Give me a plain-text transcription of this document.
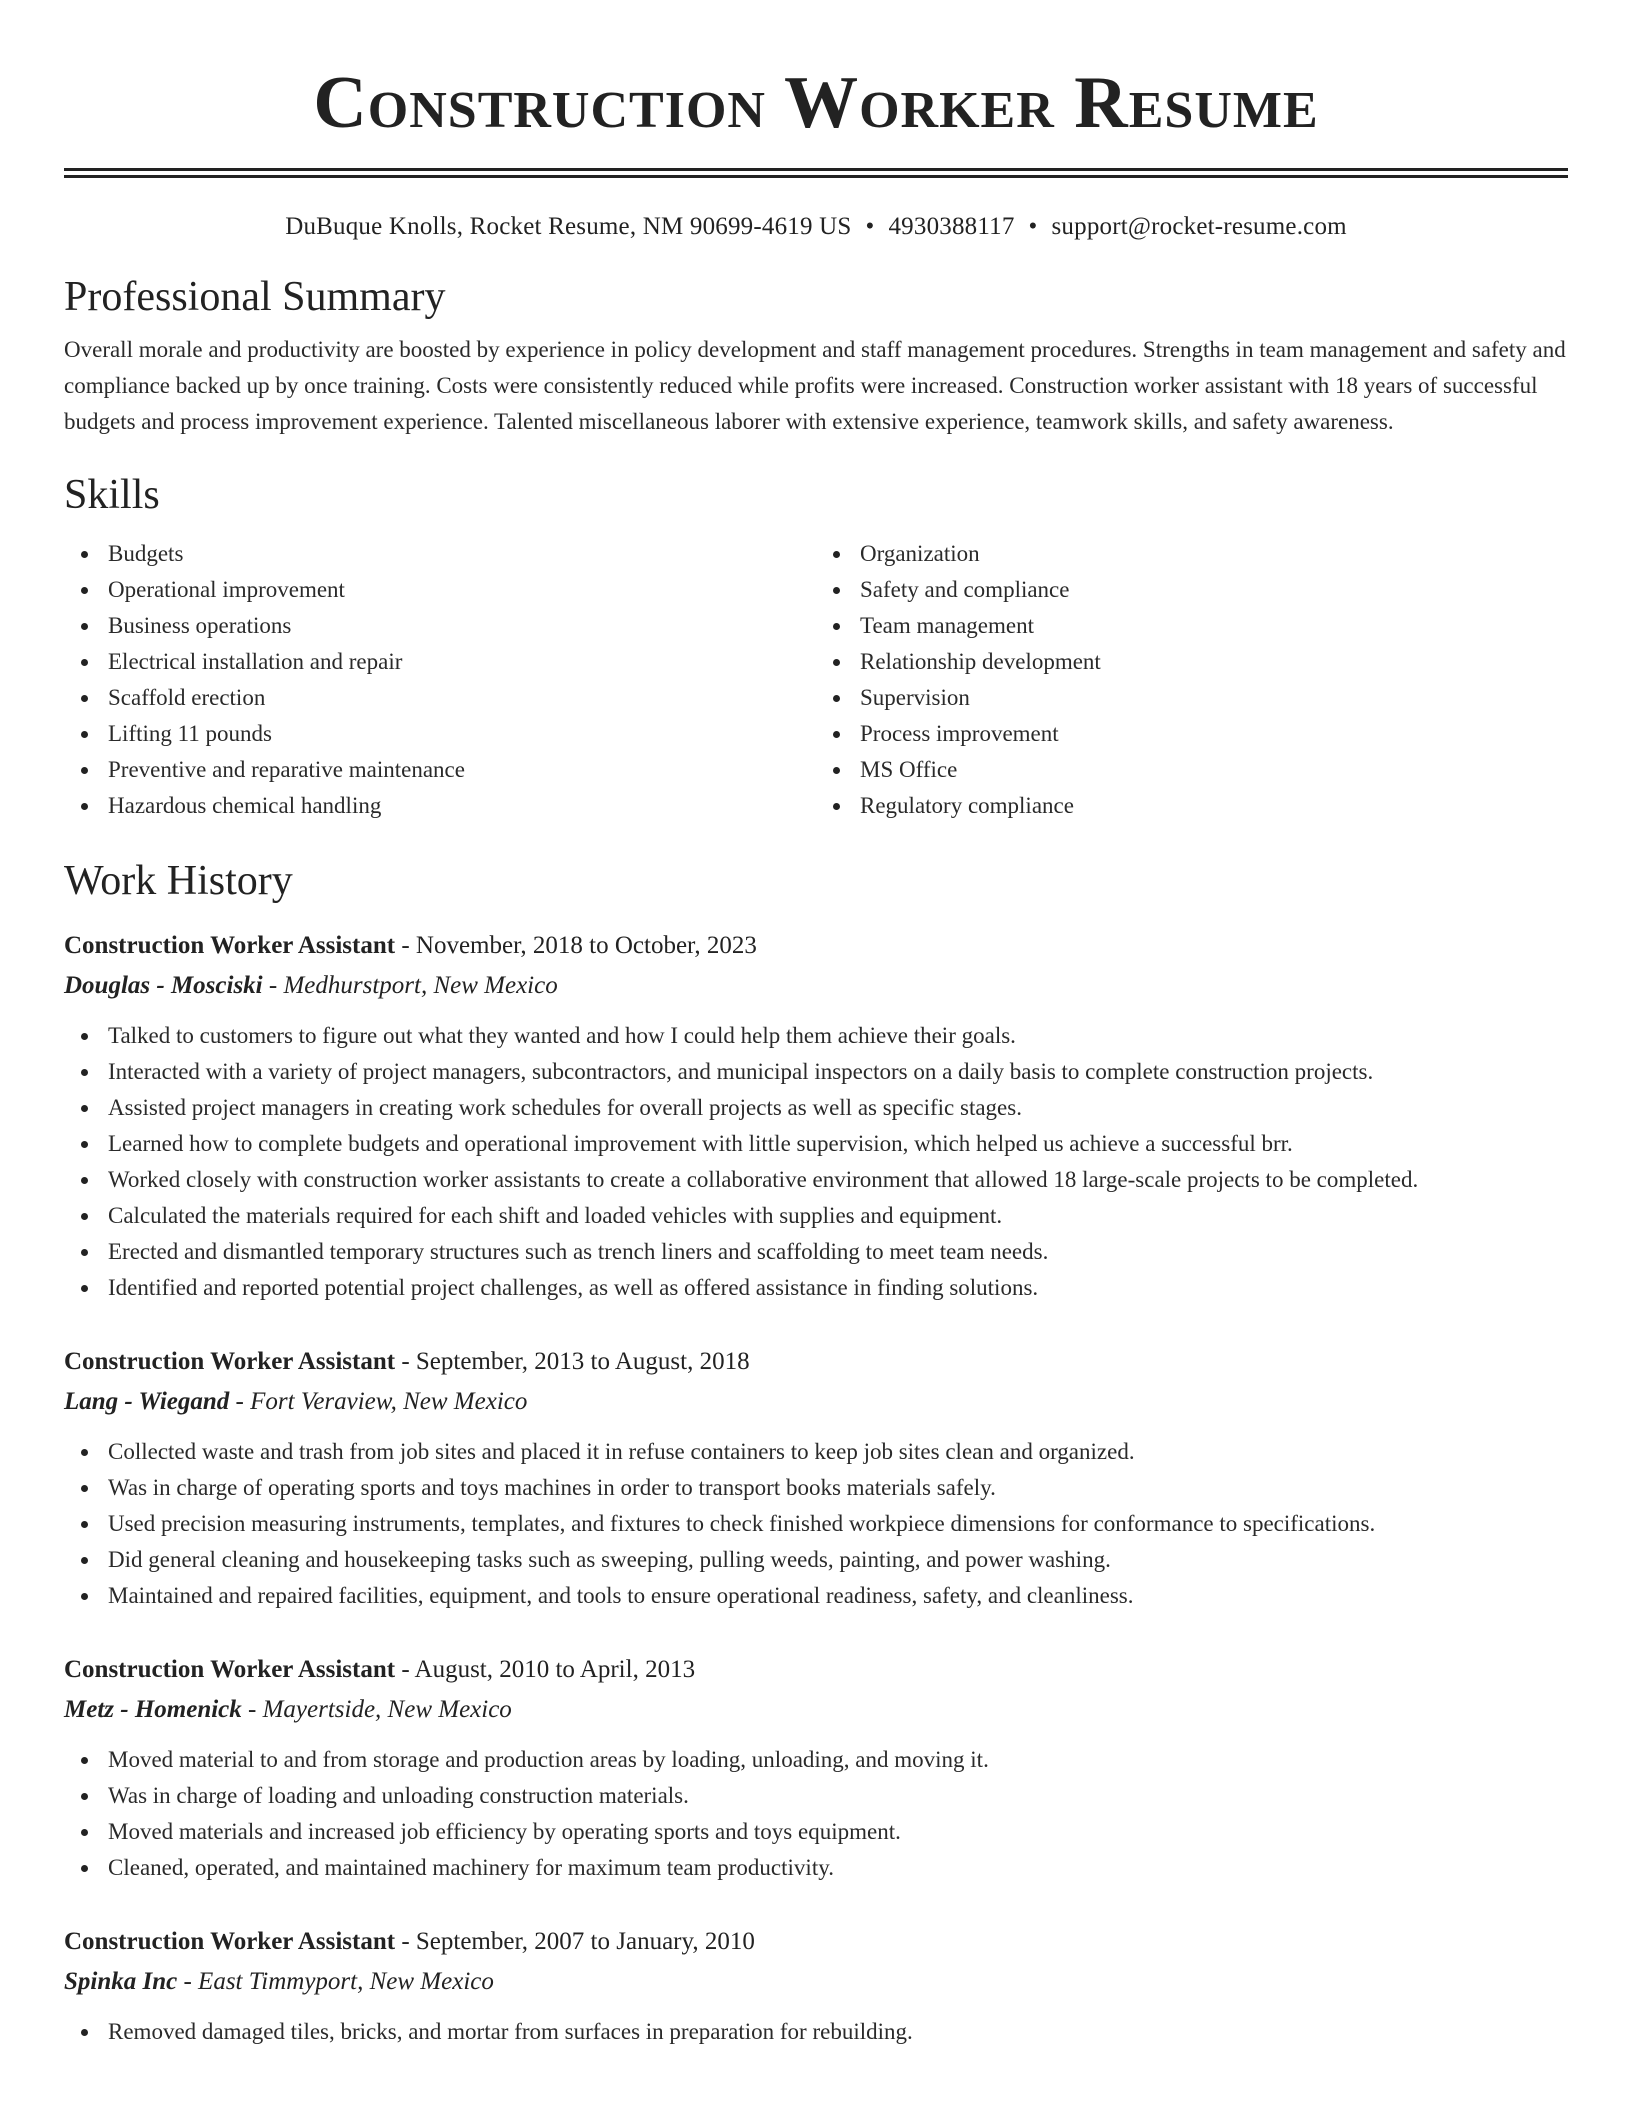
Construction Worker Resume
DuBuque Knolls, Rocket Resume, NM 90699-4619 US • 4930388117 • support@rocket-resume.com
Professional Summary

Overall morale and productivity are boosted by experience in policy development and staff management procedures. Strengths in team management and safety and compliance backed up by once training. Costs were consistently reduced while profits were increased. Construction worker assistant with 18 years of successful budgets and process improvement experience. Talented miscellaneous laborer with extensive experience, teamwork skills, and safety awareness.

Skills
Budgets
Operational improvement
Business operations
Electrical installation and repair
Scaffold erection
Lifting 11 pounds
Preventive and reparative maintenance
Hazardous chemical handling
Organization
Safety and compliance
Team management
Relationship development
Supervision
Process improvement
MS Office
Regulatory compliance
Work History
Construction Worker Assistant - November, 2018 to October, 2023
Douglas - Mosciski - Medhurstport, New Mexico
Talked to customers to figure out what they wanted and how I could help them achieve their goals.
Interacted with a variety of project managers, subcontractors, and municipal inspectors on a daily basis to complete construction projects.
Assisted project managers in creating work schedules for overall projects as well as specific stages.
Learned how to complete budgets and operational improvement with little supervision, which helped us achieve a successful brr.
Worked closely with construction worker assistants to create a collaborative environment that allowed 18 large-scale projects to be completed.
Calculated the materials required for each shift and loaded vehicles with supplies and equipment.
Erected and dismantled temporary structures such as trench liners and scaffolding to meet team needs.
Identified and reported potential project challenges, as well as offered assistance in finding solutions.
Construction Worker Assistant - September, 2013 to August, 2018
Lang - Wiegand - Fort Veraview, New Mexico
Collected waste and trash from job sites and placed it in refuse containers to keep job sites clean and organized.
Was in charge of operating sports and toys machines in order to transport books materials safely.
Used precision measuring instruments, templates, and fixtures to check finished workpiece dimensions for conformance to specifications.
Did general cleaning and housekeeping tasks such as sweeping, pulling weeds, painting, and power washing.
Maintained and repaired facilities, equipment, and tools to ensure operational readiness, safety, and cleanliness.
Construction Worker Assistant - August, 2010 to April, 2013
Metz - Homenick - Mayertside, New Mexico
Moved material to and from storage and production areas by loading, unloading, and moving it.
Was in charge of loading and unloading construction materials.
Moved materials and increased job efficiency by operating sports and toys equipment.
Cleaned, operated, and maintained machinery for maximum team productivity.
Construction Worker Assistant - September, 2007 to January, 2010
Spinka Inc - East Timmyport, New Mexico
Removed damaged tiles, bricks, and mortar from surfaces in preparation for rebuilding.
